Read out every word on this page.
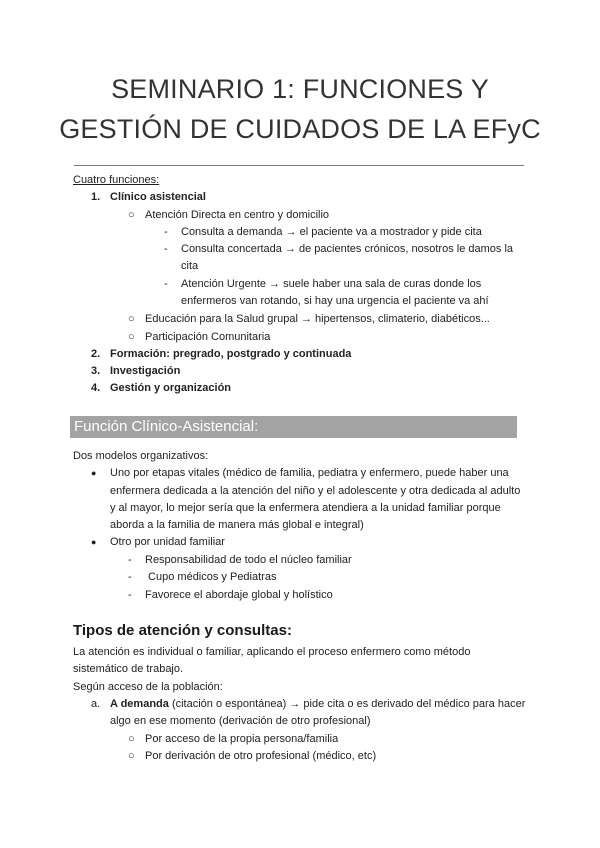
SEMINARIO 1: FUNCIONES Y
GESTIÓN DE CUIDADOS DE LA EFyC
Cuatro funciones:
1. Clínico asistencial
○ Atención Directa en centro y domicilio
- Consulta a demanda → el paciente va a mostrador y pide cita
- Consulta concertada → de pacientes crónicos, nosotros le damos la
cita
- Atención Urgente → suele haber una sala de curas donde los
enfermeros van rotando, si hay una urgencia el paciente va ahí
○ Educación para la Salud grupal → hipertensos, climaterio, diabéticos...
○ Participación Comunitaria
2. Formación: pregrado, postgrado y continuada
3. Investigación
4. Gestión y organización
Función Clínico-Asistencial:
Dos modelos organizativos:
● Uno por etapas vitales (médico de familia, pediatra y enfermero, puede haber una
enfermera dedicada a la atención del niño y el adolescente y otra dedicada al adulto
y al mayor, lo mejor sería que la enfermera atendiera a la unidad familiar porque
aborda a la familia de manera más global e integral)
● Otro por unidad familiar
- Responsabilidad de todo el núcleo familiar
- Cupo médicos y Pediatras
- Favorece el abordaje global y holístico
Tipos de atención y consultas:
La atención es individual o familiar, aplicando el proceso enfermero como método
sistemático de trabajo.
Según acceso de la población:
a. A demanda (citación o espontánea) → pide cita o es derivado del médico para hacer
algo en ese momento (derivación de otro profesional)
○ Por acceso de la propia persona/familia
○ Por derivación de otro profesional (médico, etc)
